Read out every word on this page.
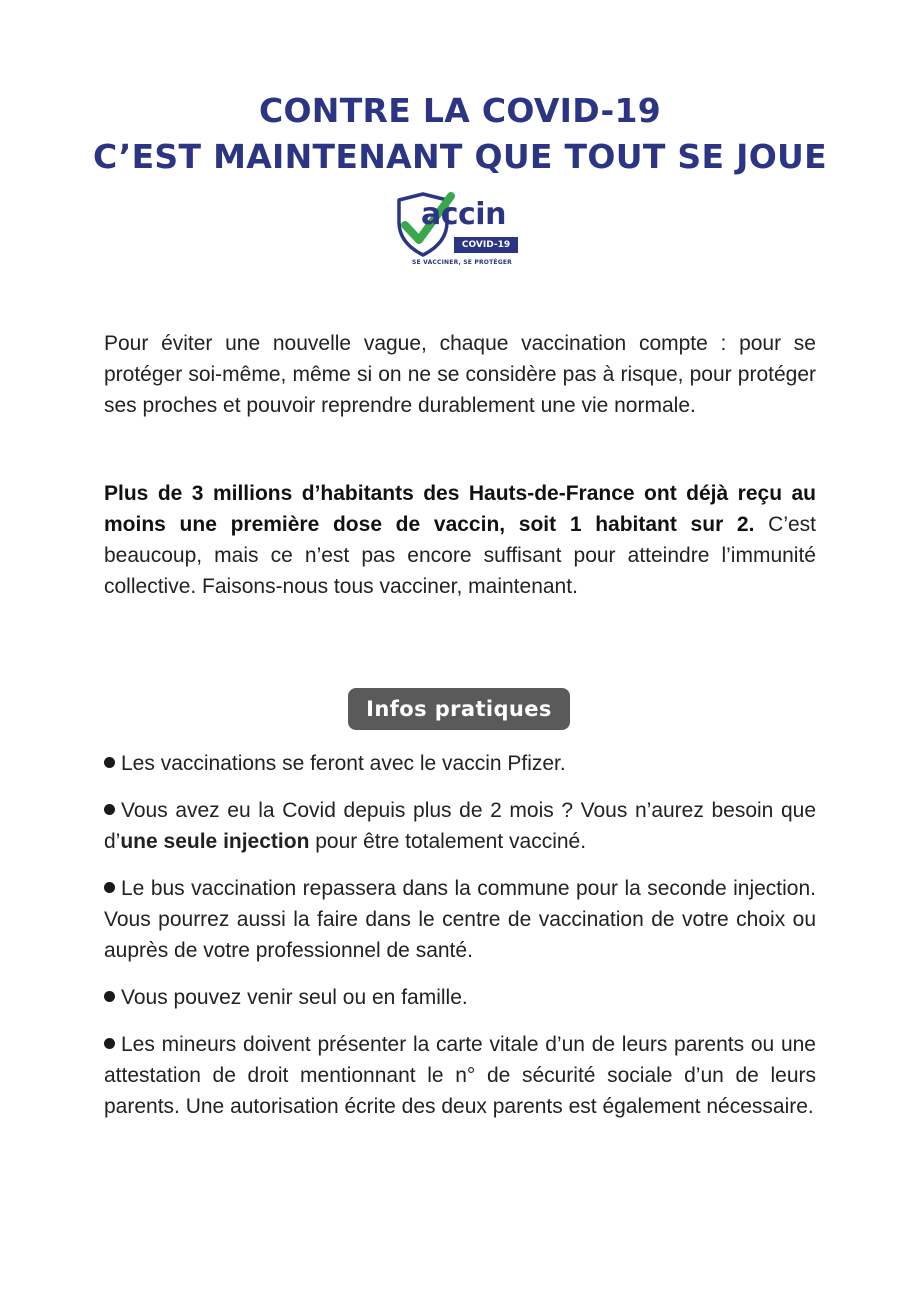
CONTRE LA COVID-19
C’EST MAINTENANT QUE TOUT SE JOUE
accin
COVID-19
SE VACCINER, SE PROTÉGER

Pour éviter une nouvelle vague, chaque vaccination compte : pour se protéger soi-même, même si on ne se considère pas à risque, pour protéger ses proches et pouvoir reprendre durablement une vie normale.

Plus de 3 millions d’habitants des Hauts-de-France ont déjà reçu au moins une première dose de vaccin, soit 1 habitant sur 2. C’est beaucoup, mais ce n’est pas encore suffisant pour atteindre l’immunité collective. Faisons-nous tous vacciner, maintenant.

Infos pratiques

Les vaccinations se feront avec le vaccin Pfizer.

Vous avez eu la Covid depuis plus de 2 mois ? Vous n’aurez besoin que d’une seule injection pour être totalement vacciné.

Le bus vaccination repassera dans la commune pour la seconde injection. Vous pourrez aussi la faire dans le centre de vaccination de votre choix ou auprès de votre professionnel de santé.

Vous pouvez venir seul ou en famille.

Les mineurs doivent présenter la carte vitale d’un de leurs parents ou une attestation de droit mentionnant le n° de sécurité sociale d’un de leurs parents. Une autorisation écrite des deux parents est également nécessaire.
